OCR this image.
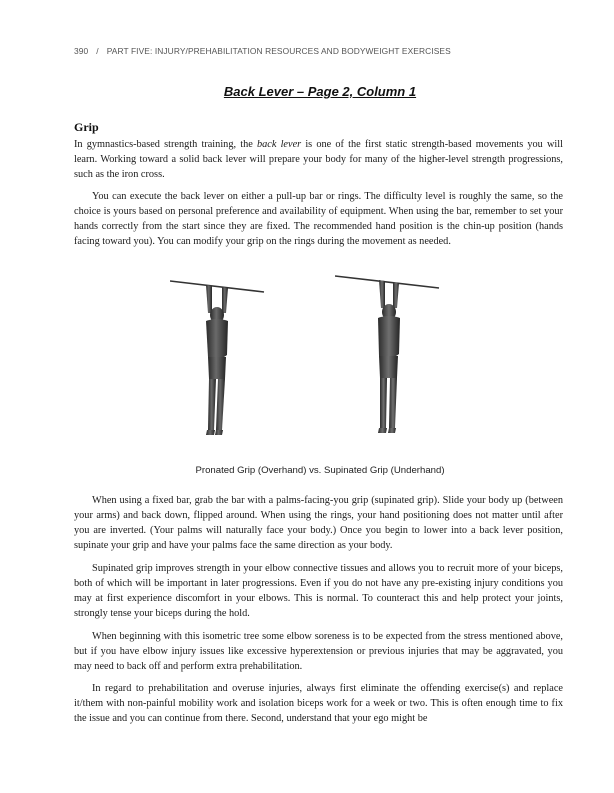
390 / PART FIVE: INJURY/PREHABILITATION RESOURCES AND BODYWEIGHT EXERCISES
Back Lever – Page 2, Column 1
Grip
In gymnastics-based strength training, the back lever is one of the first static strength-based movements you will learn. Working toward a solid back lever will prepare your body for many of the higher-level strength progressions, such as the iron cross.
You can execute the back lever on either a pull-up bar or rings. The difficulty level is roughly the same, so the choice is yours based on personal preference and availability of equipment. When using the bar, remember to set your hands correctly from the start since they are fixed. The recommended hand position is the chin-up position (hands facing toward you). You can modify your grip on the rings during the movement as needed.
Pronated Grip (Overhand) vs. Supinated Grip (Underhand)
When using a fixed bar, grab the bar with a palms-facing-you grip (supinated grip). Slide your body up (between your arms) and back down, flipped around. When using the rings, your hand positioning does not matter until after you are inverted. (Your palms will naturally face your body.) Once you begin to lower into a back lever position, supinate your grip and have your palms face the same direction as your body.
Supinated grip improves strength in your elbow connective tissues and allows you to recruit more of your biceps, both of which will be important in later progressions. Even if you do not have any pre-existing injury conditions you may at first experience discomfort in your elbows. This is normal. To counteract this and help protect your joints, strongly tense your biceps during the hold.
When beginning with this isometric tree some elbow soreness is to be expected from the stress mentioned above, but if you have elbow injury issues like excessive hyperextension or previous injuries that may be aggravated, you may need to back off and perform extra prehabilitation.
In regard to prehabilitation and overuse injuries, always first eliminate the offending exercise(s) and replace it/them with non-painful mobility work and isolation biceps work for a week or two. This is often enough time to fix the issue and you can continue from there. Second, understand that your ego might be
